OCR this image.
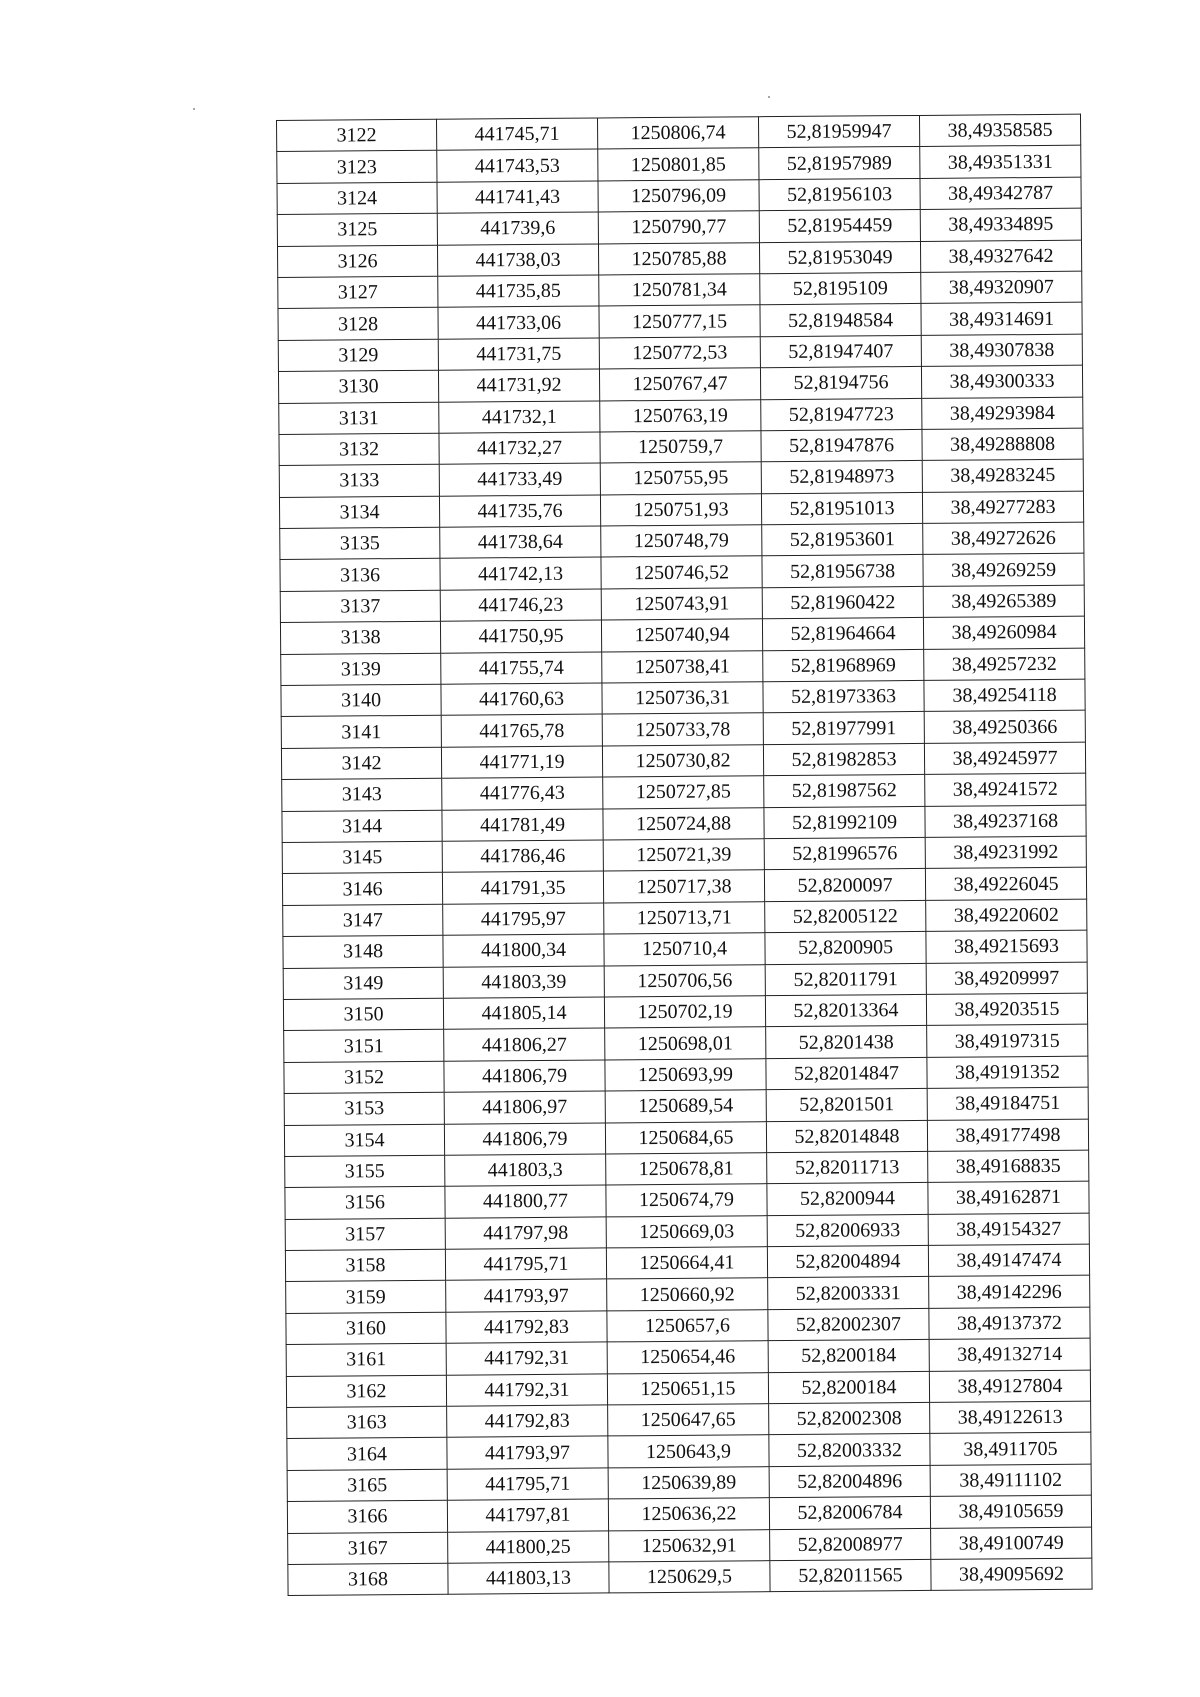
3122	441745,71	1250806,74	52,81959947	38,49358585
3123	441743,53	1250801,85	52,81957989	38,49351331
3124	441741,43	1250796,09	52,81956103	38,49342787
3125	441739,6	1250790,77	52,81954459	38,49334895
3126	441738,03	1250785,88	52,81953049	38,49327642
3127	441735,85	1250781,34	52,8195109	38,49320907
3128	441733,06	1250777,15	52,81948584	38,49314691
3129	441731,75	1250772,53	52,81947407	38,49307838
3130	441731,92	1250767,47	52,8194756	38,49300333
3131	441732,1	1250763,19	52,81947723	38,49293984
3132	441732,27	1250759,7	52,81947876	38,49288808
3133	441733,49	1250755,95	52,81948973	38,49283245
3134	441735,76	1250751,93	52,81951013	38,49277283
3135	441738,64	1250748,79	52,81953601	38,49272626
3136	441742,13	1250746,52	52,81956738	38,49269259
3137	441746,23	1250743,91	52,81960422	38,49265389
3138	441750,95	1250740,94	52,81964664	38,49260984
3139	441755,74	1250738,41	52,81968969	38,49257232
3140	441760,63	1250736,31	52,81973363	38,49254118
3141	441765,78	1250733,78	52,81977991	38,49250366
3142	441771,19	1250730,82	52,81982853	38,49245977
3143	441776,43	1250727,85	52,81987562	38,49241572
3144	441781,49	1250724,88	52,81992109	38,49237168
3145	441786,46	1250721,39	52,81996576	38,49231992
3146	441791,35	1250717,38	52,8200097	38,49226045
3147	441795,97	1250713,71	52,82005122	38,49220602
3148	441800,34	1250710,4	52,8200905	38,49215693
3149	441803,39	1250706,56	52,82011791	38,49209997
3150	441805,14	1250702,19	52,82013364	38,49203515
3151	441806,27	1250698,01	52,8201438	38,49197315
3152	441806,79	1250693,99	52,82014847	38,49191352
3153	441806,97	1250689,54	52,8201501	38,49184751
3154	441806,79	1250684,65	52,82014848	38,49177498
3155	441803,3	1250678,81	52,82011713	38,49168835
3156	441800,77	1250674,79	52,8200944	38,49162871
3157	441797,98	1250669,03	52,82006933	38,49154327
3158	441795,71	1250664,41	52,82004894	38,49147474
3159	441793,97	1250660,92	52,82003331	38,49142296
3160	441792,83	1250657,6	52,82002307	38,49137372
3161	441792,31	1250654,46	52,8200184	38,49132714
3162	441792,31	1250651,15	52,8200184	38,49127804
3163	441792,83	1250647,65	52,82002308	38,49122613
3164	441793,97	1250643,9	52,82003332	38,4911705
3165	441795,71	1250639,89	52,82004896	38,49111102
3166	441797,81	1250636,22	52,82006784	38,49105659
3167	441800,25	1250632,91	52,82008977	38,49100749
3168	441803,13	1250629,5	52,82011565	38,49095692
